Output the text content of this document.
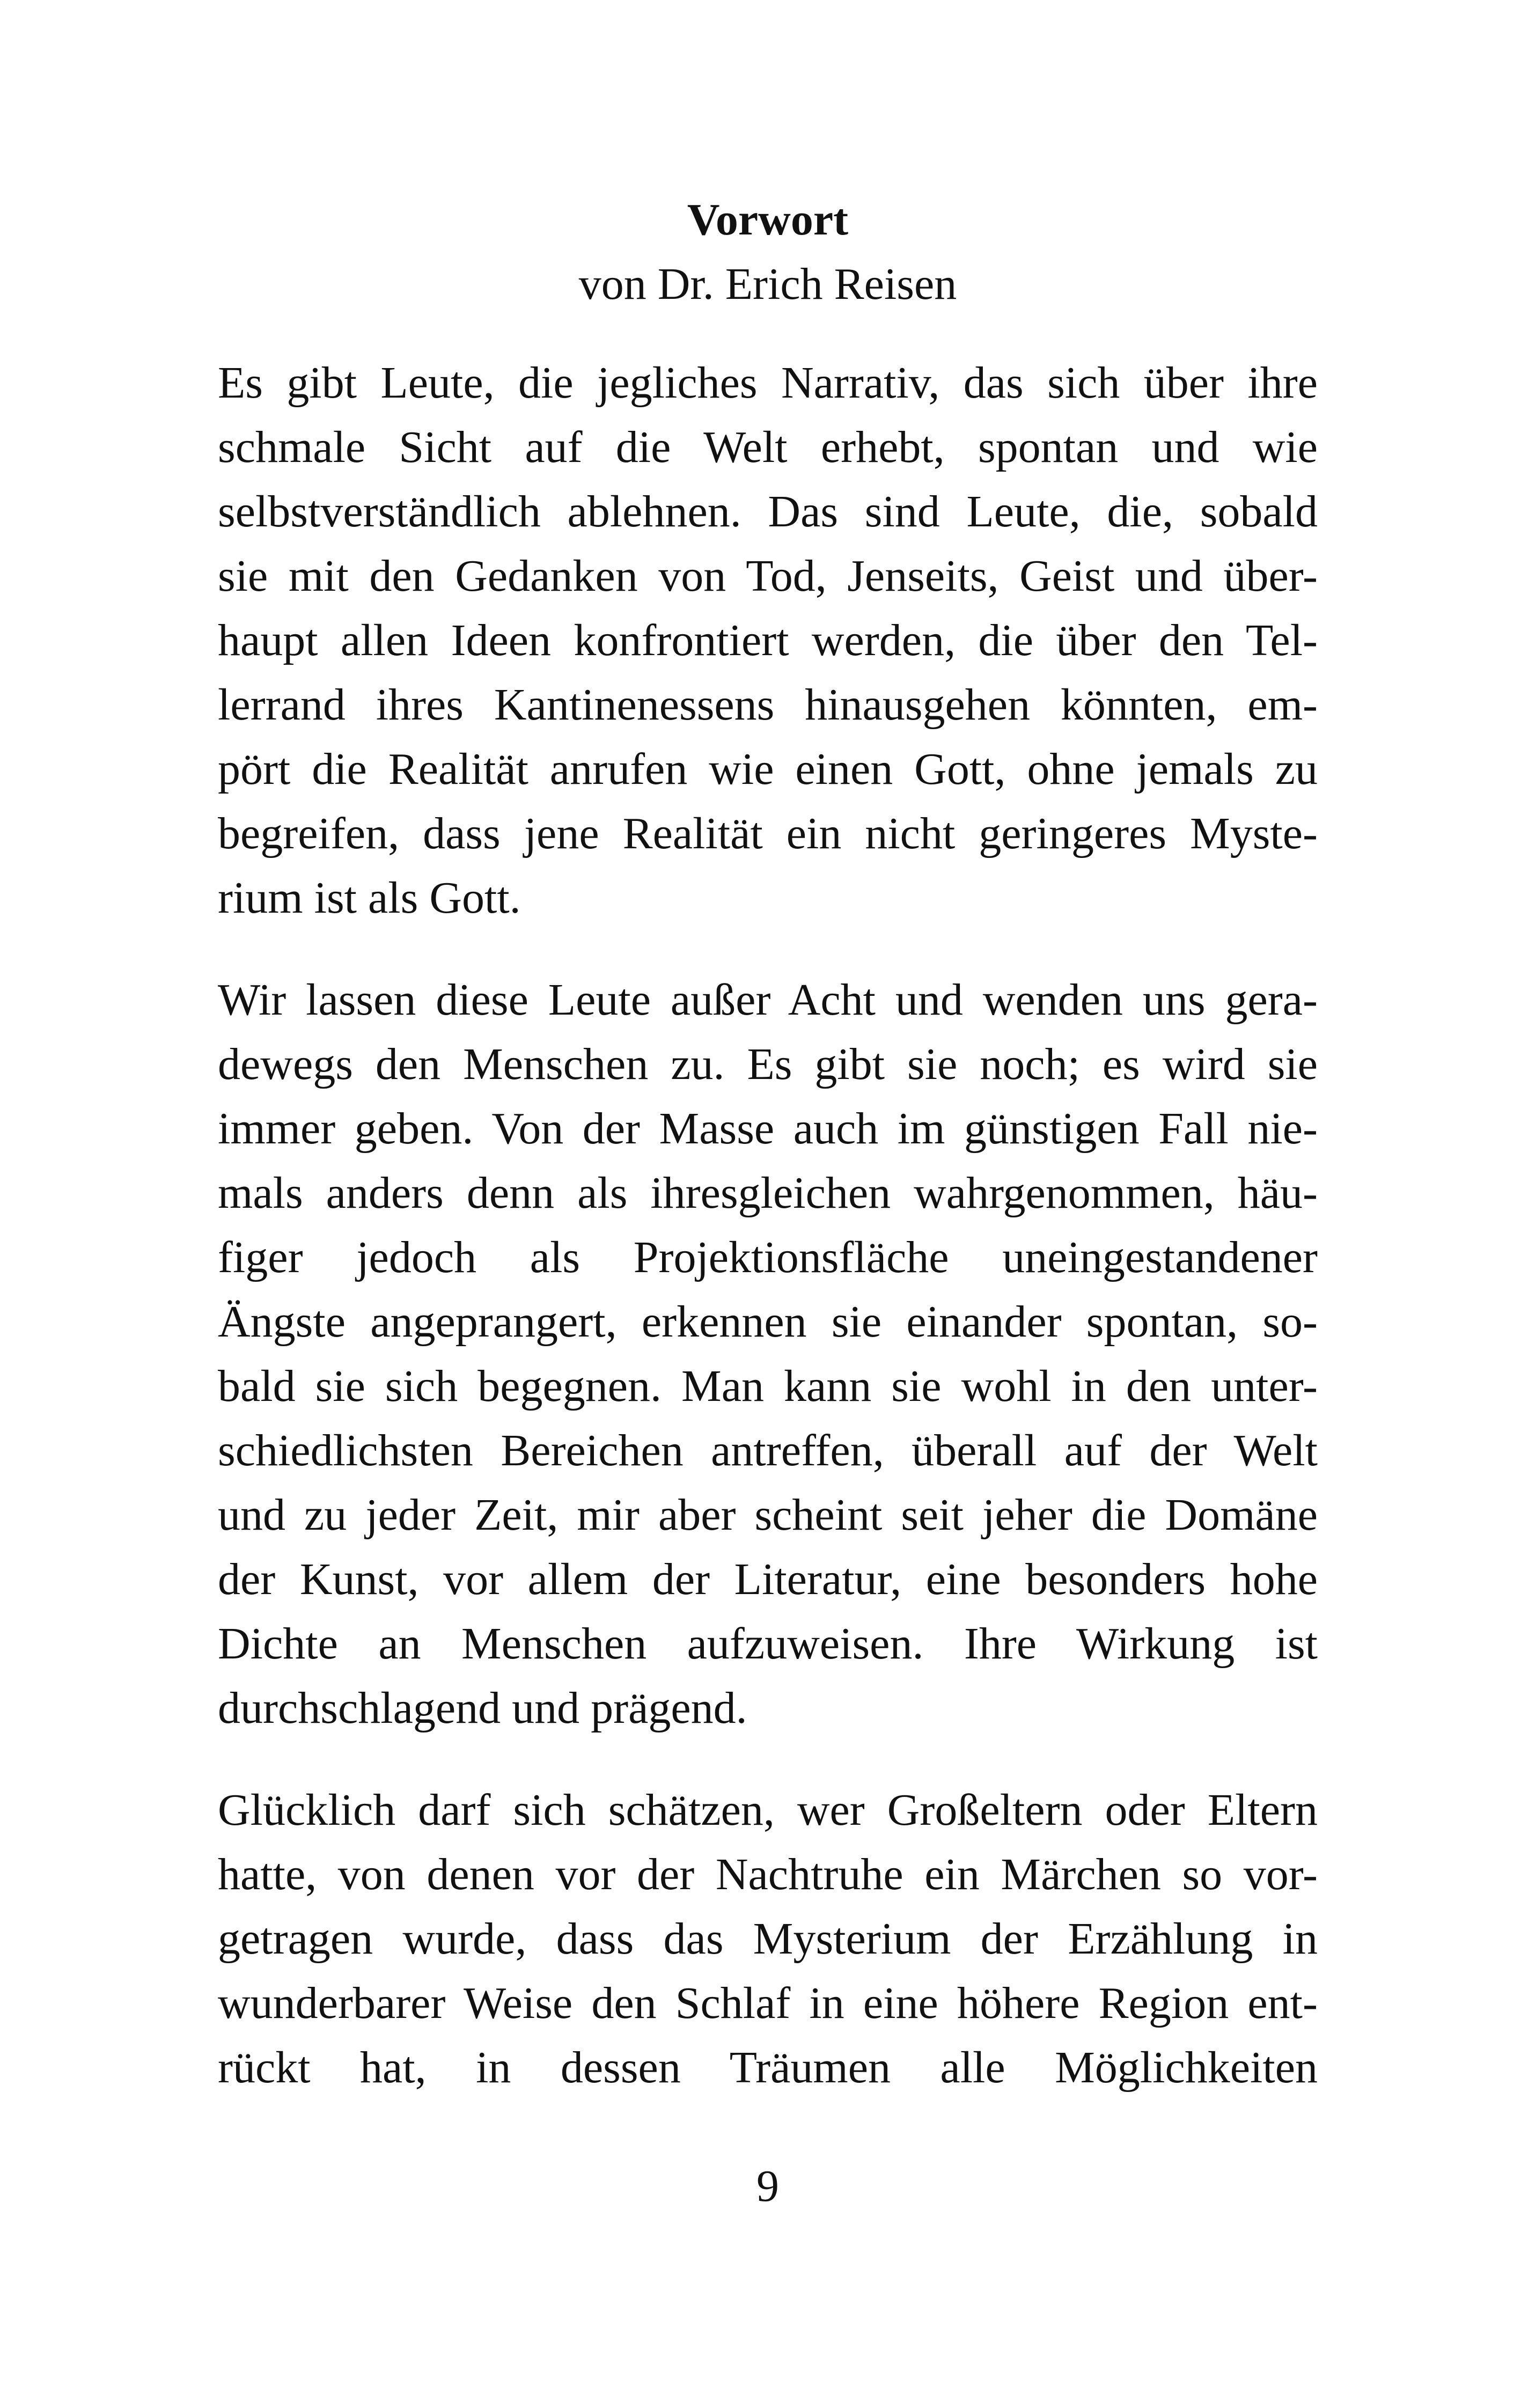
Vorwort
von Dr. Erich Reisen
Es gibt Leute, die jegliches Narrativ, das sich über ihre
schmale Sicht auf die Welt erhebt, spontan und wie
selbstverständlich ablehnen. Das sind Leute, die, sobald
sie mit den Gedanken von Tod, Jenseits, Geist und über-
haupt allen Ideen konfrontiert werden, die über den Tel-
lerrand ihres Kantinenessens hinausgehen könnten, em-
pört die Realität anrufen wie einen Gott, ohne jemals zu
begreifen, dass jene Realität ein nicht geringeres Myste-
rium ist als Gott.
Wir lassen diese Leute außer Acht und wenden uns gera-
dewegs den Menschen zu. Es gibt sie noch; es wird sie
immer geben. Von der Masse auch im günstigen Fall nie-
mals anders denn als ihresgleichen wahrgenommen, häu-
figer jedoch als Projektionsfläche uneingestandener
Ängste angeprangert, erkennen sie einander spontan, so-
bald sie sich begegnen. Man kann sie wohl in den unter-
schiedlichsten Bereichen antreffen, überall auf der Welt
und zu jeder Zeit, mir aber scheint seit jeher die Domäne
der Kunst, vor allem der Literatur, eine besonders hohe
Dichte an Menschen aufzuweisen. Ihre Wirkung ist
durchschlagend und prägend.
Glücklich darf sich schätzen, wer Großeltern oder Eltern
hatte, von denen vor der Nachtruhe ein Märchen so vor-
getragen wurde, dass das Mysterium der Erzählung in
wunderbarer Weise den Schlaf in eine höhere Region ent-
rückt hat, in dessen Träumen alle Möglichkeiten
9
